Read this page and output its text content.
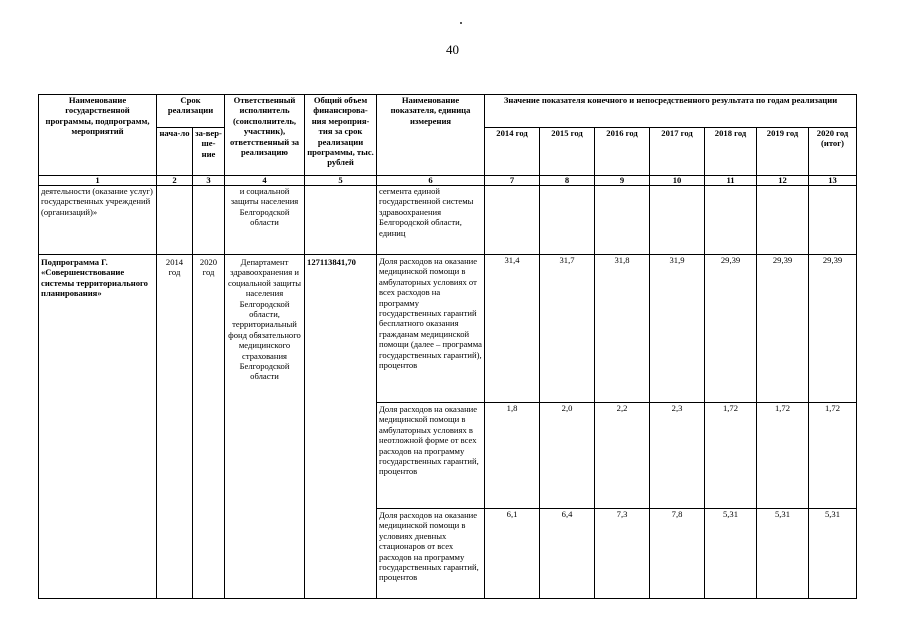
40
Наименование государственной программы, подпрограмм, мероприятий	Срок реализации		Ответственный исполнитель (соисполнитель, участник), ответственный за реализацию	Общий объем финансирова-ния мероприя-тия за срок реализации программы, тыс. рублей	Наименование показателя, единица измерения	Значение показателя конечного и непосредственного результата по годам реализации						
	нача-ло	за-вер-ше-ние				2014 год	2015 год	2016 год	2017 год	2018 год	2019 год	2020 год (итог)
1	2	3	4	5	6	7	8	9	10	11	12	13
деятельности (оказание услуг) государственных учреждений (организаций)»			и социальной защиты населения Белгородской области		сегмента единой государственной системы здравоохранения Белгородской области, единиц							
Подпрограмма Г. «Совершенствование системы территориального планирования»	2014 год	2020 год	Департамент здравоохранения и социальной защиты населения Белгородской области, территориальный фонд обязательного медицинского страхования Белгородской области	127113841,70	Доля расходов на оказание медицинской помощи в амбулаторных условиях от всех расходов на программу государственных гарантий бесплатного оказания гражданам медицинской помощи (далее – программа государственных гарантий), процентов	31,4	31,7	31,8	31,9	29,39	29,39	29,39
					Доля расходов на оказание медицинской помощи в амбулаторных условиях в неотложной форме от всех расходов на программу государственных гарантий, процентов	1,8	2,0	2,2	2,3	1,72	1,72	1,72
					Доля расходов на оказание медицинской помощи в условиях дневных стационаров от всех расходов на программу государственных гарантий, процентов	6,1	6,4	7,3	7,8	5,31	5,31	5,31
